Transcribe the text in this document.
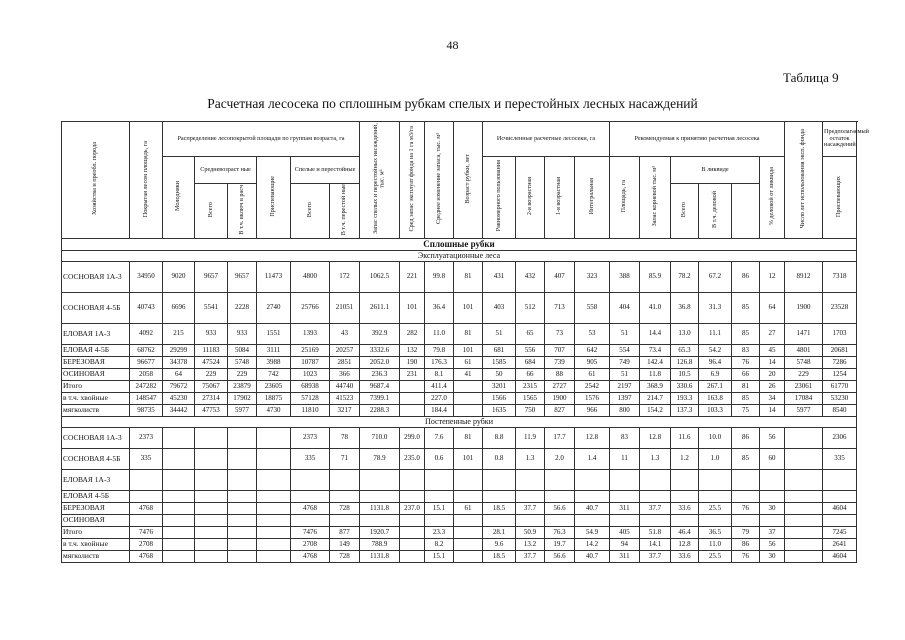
48
Таблица 9
Расчетная лесосека по сплошным рубкам спелых и перестойных лесных насаждений
Хозяйства и преобл. порода	Покрытая лесом площадь, га	Распределение лесопокрытой площади по группам возраста, га						Запас спелых и перестойных насаждений, тыс. м³	Сред запас эксплуат фонда на 1 га м3/га	Среднее изменение запаса, тыс. м³	Возраст рубки, лет	Исчисленные расчетные лесосеки, га				Рекомендуемая к принятию расчетная лесосека						Число лет использования эксп. фонда	Предполагаемый остаток насаждений	
		Молодняки	Средневозраст ные		Приспевающие	Спелые и перестойные						Равномерного пользования	2-я возрастная	1-я возрастная	Интегральная	Площадь, га	Запас корневой тыс. м³	В ликвиде			% деловой от ликвида		Приспевающих	
			Всего	В т.ч. включ в расч		Всего	В т.ч. перестой ные											Всего	В т.ч. деловой					
Сплошные рубки																								
Эксплуатационные леса																								
СОСНОВАЯ 1А-3	34950	9020	9657	9657	11473	4800	172	1062.5	221	99.8	81	431	432	407	323	388	85.9	78.2	67.2	86	12	8912	7318	
СОСНОВАЯ 4-5Б	40743	6696	5541	2228	2740	25766	21051	2611.1	101	36.4	101	403	512	713	558	404	41.0	36.8	31.3	85	64	1900	23528	
ЕЛОВАЯ 1А-3	4092	215	933	933	1551	1393	43	392.9	282	11.0	81	51	65	73	53	51	14.4	13.0	11.1	85	27	1471	1703	
ЕЛОВАЯ 4-5Б	68762	29299	11183	5084	3111	25169	20257	3332.6	132	79.8	101	681	556	707	642	554	73.4	65.3	54.2	83	45	4801	20681	
БЕРЕЗОВАЯ	96677	34378	47524	5748	3988	10787	2851	2052.0	190	176.3	61	1585	684	739	905	749	142.4	126.8	96.4	76	14	5748	7286	
ОСИНОВАЯ	2058	64	229	229	742	1023	366	236.3	231	8.1	41	50	66	88	61	51	11.8	10.5	6.9	66	20	229	1254	
Итого	247282	79672	75067	23879	23605	68938	44740	9687.4		411.4		3201	2315	2727	2542	2197	368.9	330.6	267.1	81	26	23061	61770	
в т.ч. хвойные	148547	45230	27314	17902	18875	57128	41523	7399.1		227.0		1566	1565	1900	1576	1397	214.7	193.3	163.8	85	34	17084	53230	
мягколиств	98735	34442	47753	5977	4730	11810	3217	2288.3		184.4		1635	750	827	966	800	154.2	137.3	103.3	75	14	5977	8540	
Постепенные рубки																								
СОСНОВАЯ 1А-3	2373					2373	78	710.0	299.0	7.6	81	8.8	11.9	17.7	12.8	83	12.8	11.6	10.0	86	56		2306	
СОСНОВАЯ 4-5Б	335					335	71	78.9	235.0	0.6	101	0.8	1.3	2.0	1.4	11	1.3	1.2	1.0	85	60		335	
ЕЛОВАЯ 1А-3																								
ЕЛОВАЯ 4-5Б																								
БЕРЕЗОВАЯ	4768					4768	728	1131.8	237.0	15.1	61	18.5	37.7	56.6	40.7	311	37.7	33.6	25.5	76	30		4604	
ОСИНОВАЯ																								
Итого	7476					7476	877	1920.7		23.3		28.1	50.9	76.3	54.9	405	51.8	46.4	36.5	79	37		7245	
в т.ч. хвойные	2708					2708	149	788.9		8.2		9.6	13.2	19.7	14.2	94	14.1	12.8	11.0	86	56		2641	
мягколиств	4768					4768	728	1131.8		15.1		18.5	37.7	56.6	40.7	311	37.7	33.6	25.5	76	30		4604	
